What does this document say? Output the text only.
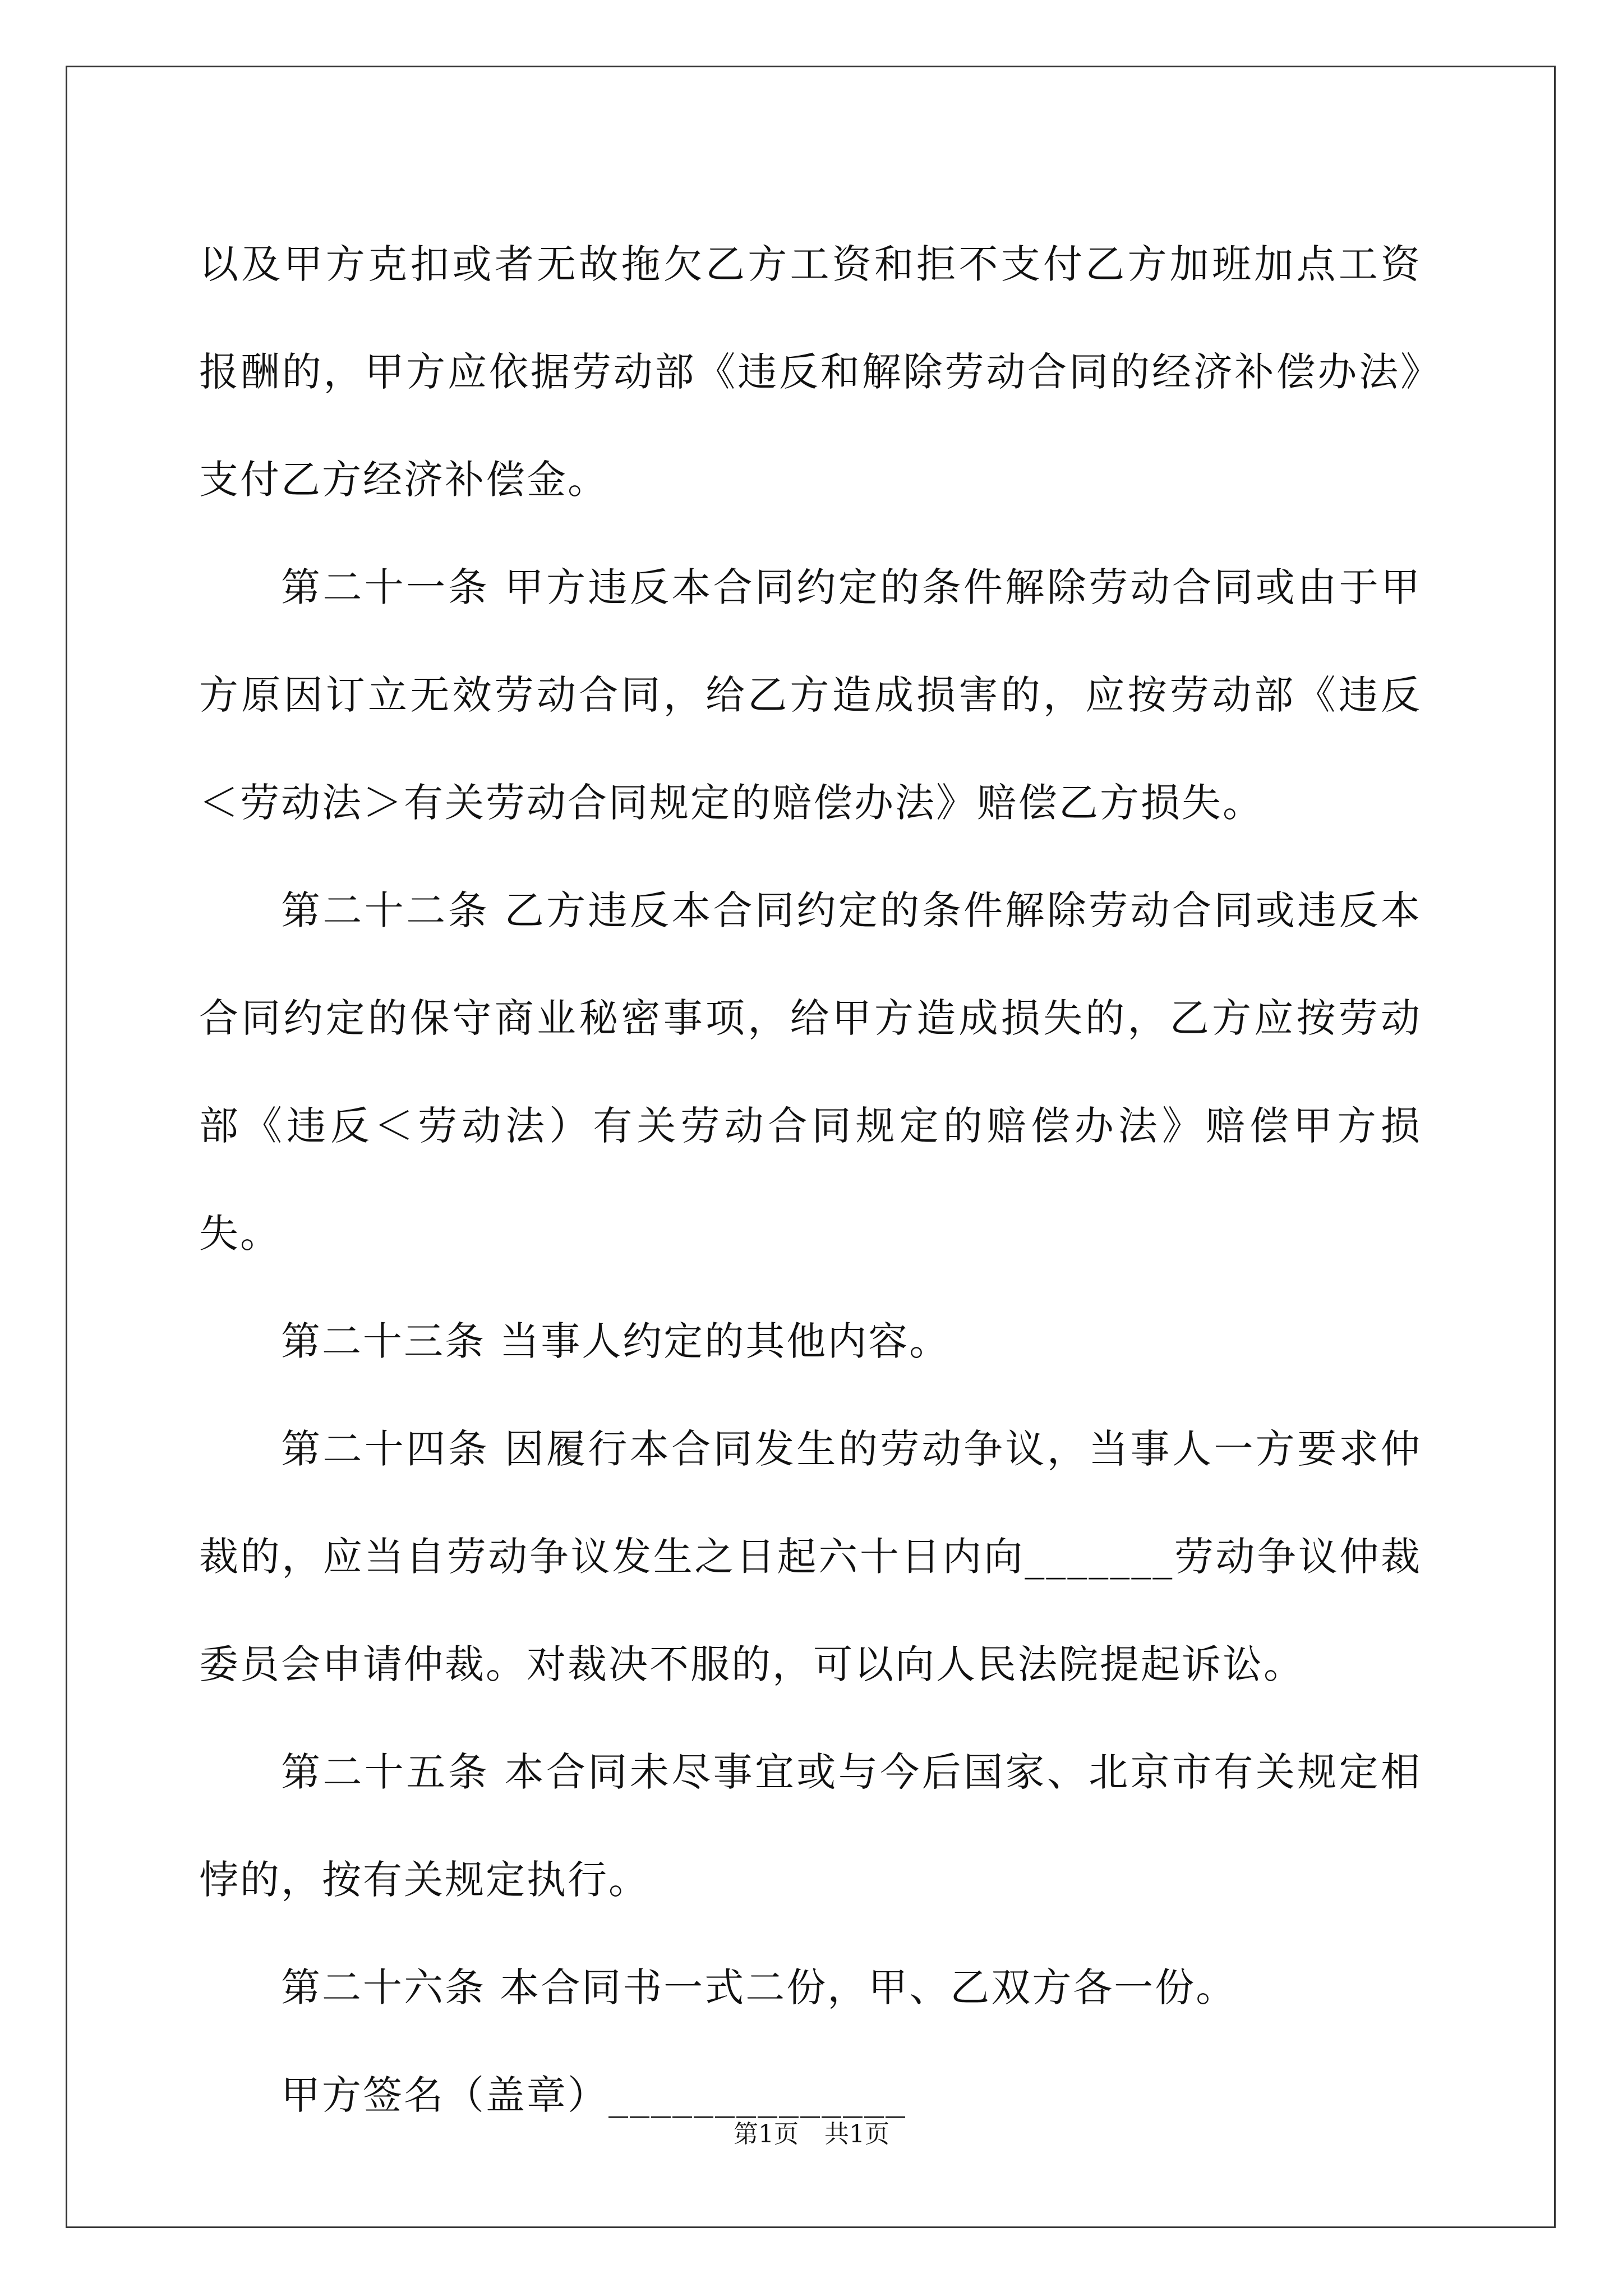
以及甲方克扣或者无故拖欠乙方工资和拒不支付乙方加班加点工资报酬的，甲方应依据劳动部《违反和解除劳动合同的经济补偿办法》支付乙方经济补偿金。

第二十一条 甲方违反本合同约定的条件解除劳动合同或由于甲方原因订立无效劳动合同，给乙方造成损害的，应按劳动部《违反＜劳动法＞有关劳动合同规定的赔偿办法》赔偿乙方损失。

第二十二条 乙方违反本合同约定的条件解除劳动合同或违反本合同约定的保守商业秘密事项，给甲方造成损失的，乙方应按劳动部《违反＜劳动法）有关劳动合同规定的赔偿办法》赔偿甲方损失。

第二十三条 当事人约定的其他内容。

第二十四条 因履行本合同发生的劳动争议，当事人一方要求仲裁的，应当自劳动争议发生之日起六十日内向_______劳动争议仲裁委员会申请仲裁。对裁决不服的，可以向人民法院提起诉讼。

第二十五条 本合同未尽事宜或与今后国家、北京市有关规定相悖的，按有关规定执行。

第二十六条 本合同书一式二份，甲、乙双方各一份。

甲方签名（盖章）______________

第1页 共1页
